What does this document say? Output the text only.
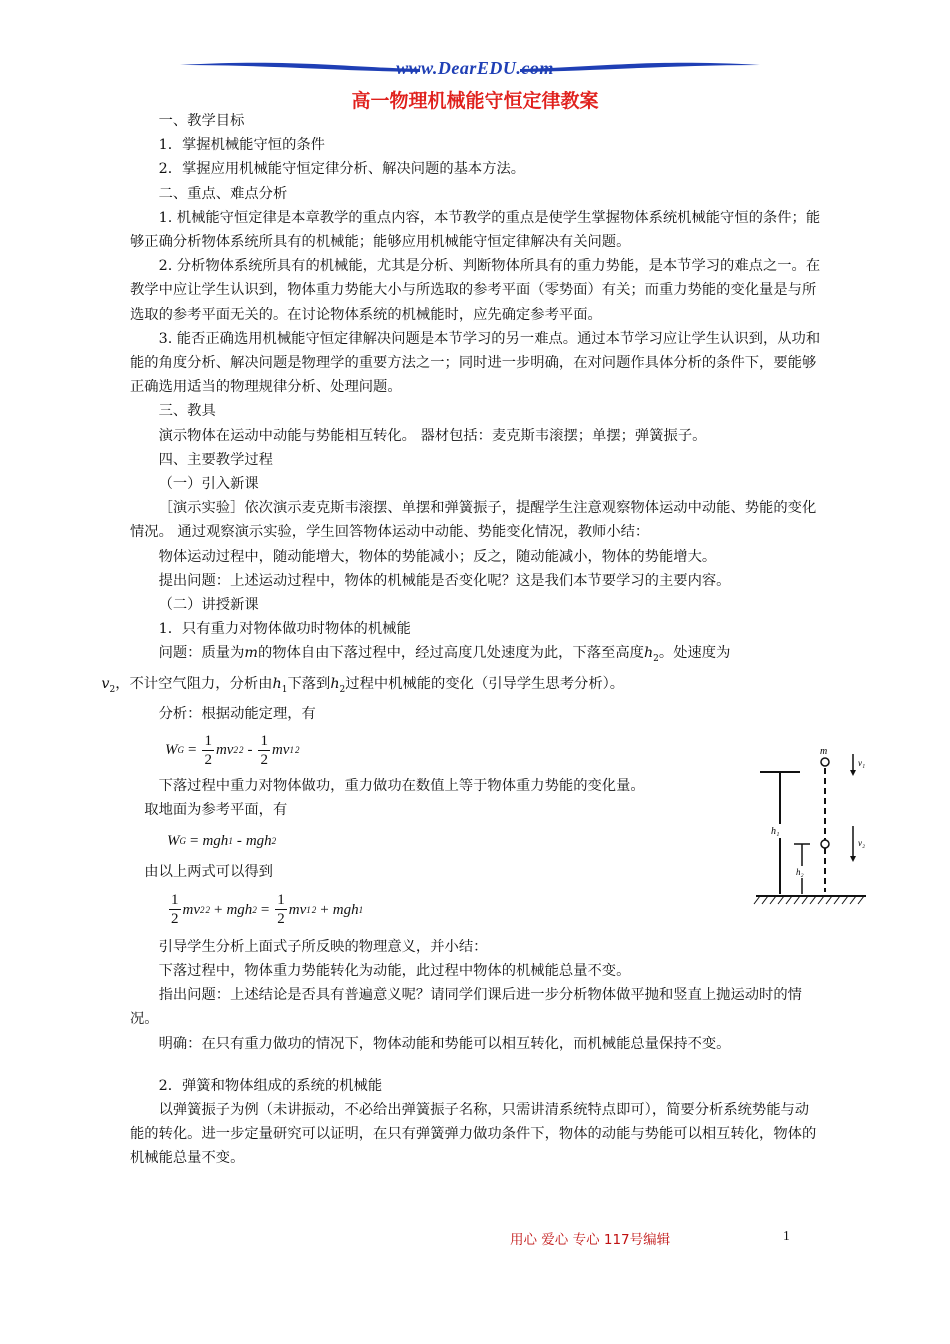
www.DearEDU.com
高一物理机械能守恒定律教案

一、教学目标

1．掌握机械能守恒的条件

2．掌握应用机械能守恒定律分析、解决问题的基本方法。

二、重点、难点分析

1. 机械能守恒定律是本章教学的重点内容，本节教学的重点是使学生掌握物体系统机械能守恒的条件；能够正确分析物体系统所具有的机械能；能够应用机械能守恒定律解决有关问题。

2. 分析物体系统所具有的机械能，尤其是分析、判断物体所具有的重力势能，是本节学习的难点之一。在教学中应让学生认识到，物体重力势能大小与所选取的参考平面（零势面）有关；而重力势能的变化量是与所选取的参考平面无关的。在讨论物体系统的机械能时，应先确定参考平面。

3. 能否正确选用机械能守恒定律解决问题是本节学习的另一难点。通过本节学习应让学生认识到，从功和能的角度分析、解决问题是物理学的重要方法之一；同时进一步明确，在对问题作具体分析的条件下，要能够正确选用适当的物理规律分析、处理问题。

三、教具

演示物体在运动中动能与势能相互转化。 器材包括：麦克斯韦滚摆；单摆；弹簧振子。

四、主要教学过程

（一）引入新课

［演示实验］依次演示麦克斯韦滚摆、单摆和弹簧振子，提醒学生注意观察物体运动中动能、势能的变化情况。 通过观察演示实验，学生回答物体运动中动能、势能变化情况，教师小结：

物体运动过程中，随动能增大，物体的势能减小；反之，随动能减小，物体的势能增大。

提出问题：上述运动过程中，物体的机械能是否变化呢？这是我们本节要学习的主要内容。

（二）讲授新课

1．只有重力对物体做功时物体的机械能

问题：质量为m的物体自由下落过程中，经过高度几处速度为此，下落至高度$h_2$。处速度为
$v_2$，不计空气阻力，分析由$h_1$下落到$h_2$过程中机械能的变化（引导学生思考分析）。

分析：根据动能定理，有

W $G = \frac{1}{2}$ mv 2 $2 - \frac{1}{2}$ mv 1 2

下落过程中重力对物体做功，重力做功在数值上等于物体重力势能的变化量。

取地面为参考平面，有

W G = mgh 1 - mgh 2

由以上两式可以得到

$\frac{1}{2}$ mv 2 2 + mgh $2 = \frac{1}{2}$ mv 1 2 + mgh 1

引导学生分析上面式子所反映的物理意义，并小结：

下落过程中，物体重力势能转化为动能，此过程中物体的机械能总量不变。

指出问题：上述结论是否具有普遍意义呢？请同学们课后进一步分析物体做平抛和竖直上抛运动时的情况。

明确：在只有重力做功的情况下，物体动能和势能可以相互转化，而机械能总量保持不变。

2．弹簧和物体组成的系统的机械能

以弹簧振子为例（未讲振动，不必给出弹簧振子名称，只需讲清系统特点即可），简要分析系统势能与动能的转化。进一步定量研究可以证明，在只有弹簧弹力做功条件下，物体的动能与势能可以相互转化，物体的机械能总量不变。

h₁
h₂
m
v₁
v₂
用心 爱心 专心 117号编辑	1
